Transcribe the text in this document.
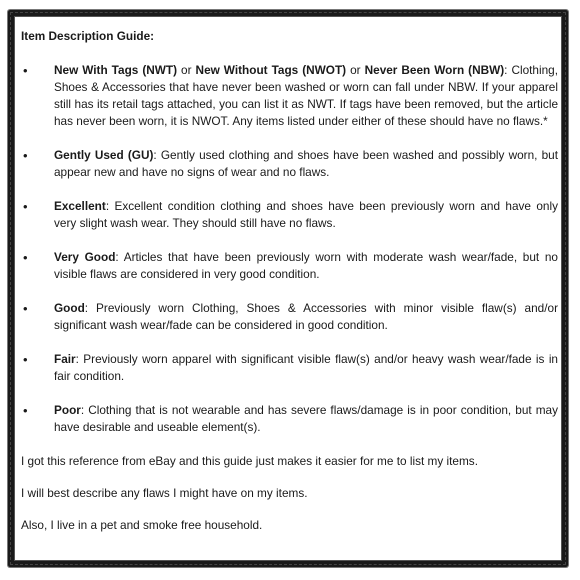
Item Description Guide:
• New With Tags (NWT) or New Without Tags (NWOT) or Never Been Worn (NBW): Clothing, Shoes & Accessories that have never been washed or worn can fall under NBW. If your apparel still has its retail tags attached, you can list it as NWT. If tags have been removed, but the article has never been worn, it is NWOT. Any items listed under either of these should have no flaws.*
• Gently Used (GU): Gently used clothing and shoes have been washed and possibly worn, but appear new and have no signs of wear and no flaws.
• Excellent: Excellent condition clothing and shoes have been previously worn and have only very slight wash wear. They should still have no flaws.
• Very Good: Articles that have been previously worn with moderate wash wear/fade, but no visible flaws are considered in very good condition.
• Good: Previously worn Clothing, Shoes & Accessories with minor visible flaw(s) and/or significant wash wear/fade can be considered in good condition.
• Fair: Previously worn apparel with significant visible flaw(s) and/or heavy wash wear/fade is in fair condition.
• Poor: Clothing that is not wearable and has severe flaws/damage is in poor condition, but may have desirable and useable element(s).

I got this reference from eBay and this guide just makes it easier for me to list my items.

I will best describe any flaws I might have on my items.

Also, I live in a pet and smoke free household.
